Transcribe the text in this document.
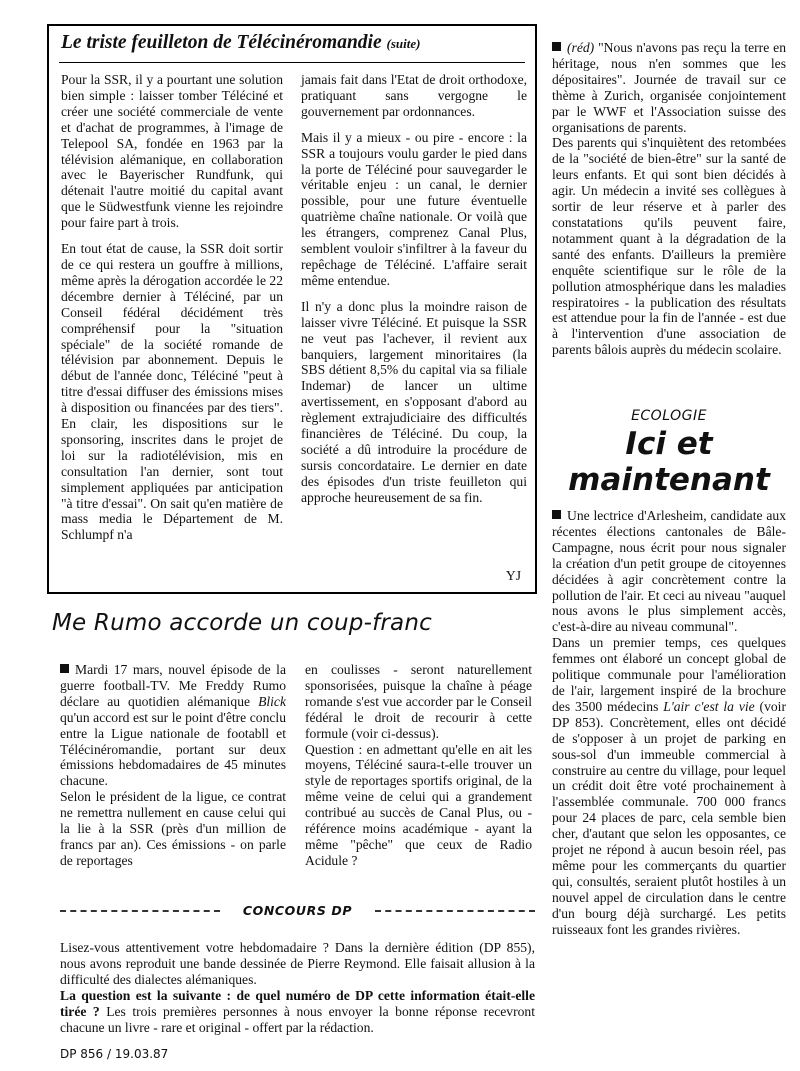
Le triste feuilleton de Télécinéromandie (suite)

Pour la SSR, il y a pourtant une solution bien simple : laisser tomber Téléciné et créer une société commerciale de vente et d'achat de programmes, à l'image de Telepool SA, fondée en 1963 par la télévision alémanique, en collaboration avec le Bayerischer Rundfunk, qui détenait l'autre moitié du capital avant que le Südwestfunk vienne les rejoindre pour faire part à trois.

En tout état de cause, la SSR doit sortir de ce qui restera un gouffre à millions, même après la dérogation accordée le 22 décembre dernier à Téléciné, par un Conseil fédéral décidément très compréhensif pour la "situation spéciale" de la société romande de télévision par abonnement. Depuis le début de l'année donc, Téléciné "peut à titre d'essai diffuser des émissions mises à disposition ou financées par des tiers". En clair, les dispositions sur le sponsoring, inscrites dans le projet de loi sur la radiotélévision, mis en consultation l'an dernier, sont tout simplement appliquées par anticipation "à titre d'essai". On sait qu'en matière de mass media le Département de M. Schlumpf n'a

jamais fait dans l'Etat de droit orthodoxe, pratiquant sans vergogne le gouvernement par ordonnances.

Mais il y a mieux - ou pire - encore : la SSR a toujours voulu garder le pied dans la porte de Téléciné pour sauvegarder le véritable enjeu : un canal, le dernier possible, pour une future éventuelle quatrième chaîne nationale. Or voilà que les étrangers, comprenez Canal Plus, semblent vouloir s'infiltrer à la faveur du repêchage de Téléciné. L'affaire serait même entendue.

Il n'y a donc plus la moindre raison de laisser vivre Téléciné. Et puisque la SSR ne veut pas l'achever, il revient aux banquiers, largement minoritaires (la SBS détient 8,5% du capital via sa filiale Indemar) de lancer un ultime avertissement, en s'opposant d'abord au règlement extrajudiciaire des difficultés financières de Téléciné. Du coup, la société a dû introduire la procédure de sursis concordataire. Le dernier en date des épisodes d'un triste feuilleton qui approche heureusement de sa fin.

YJ
Me Rumo accorde un coup-franc

Mardi 17 mars, nouvel épisode de la guerre football-TV. Me Freddy Rumo déclare au quotidien alémanique Blick qu'un accord est sur le point d'être conclu entre la Ligue nationale de footabll et Télécinéromandie, portant sur deux émissions hebdomadaires de 45 minutes chacune.

Selon le président de la ligue, ce contrat ne remettra nullement en cause celui qui la lie à la SSR (près d'un million de francs par an). Ces émissions - on parle de reportages

en coulisses - seront naturellement sponsorisées, puisque la chaîne à péage romande s'est vue accorder par le Conseil fédéral le droit de recourir à cette formule (voir ci-dessus).

Question : en admettant qu'elle en ait les moyens, Téléciné saura-t-elle trouver un style de reportages sportifs original, de la même veine de celui qui a grandement contribué au succès de Canal Plus, ou - référence moins académique - ayant la même "pêche" que ceux de Radio Acidule ?

CONCOURS DP

Lisez-vous attentivement votre hebdomadaire ? Dans la dernière édition (DP 855), nous avons reproduit une bande dessinée de Pierre Reymond. Elle faisait allusion à la difficulté des dialectes alémaniques.

La question est la suivante : de quel numéro de DP cette information était-elle tirée ? Les trois premières personnes à nous envoyer la bonne réponse recevront chacune un livre - rare et original - offert par la rédaction.

DP 856 / 19.03.87

(réd) "Nous n'avons pas reçu la terre en héritage, nous n'en sommes que les dépositaires". Journée de travail sur ce thème à Zurich, organisée conjointement par le WWF et l'Association suisse des organisations de parents.

Des parents qui s'inquiètent des retombées de la "société de bien-être" sur la santé de leurs enfants. Et qui sont bien décidés à agir. Un médecin a invité ses collègues à sortir de leur réserve et à parler des constatations qu'ils peuvent faire, notamment quant à la dégradation de la santé des enfants. D'ailleurs la première enquête scientifique sur le rôle de la pollution atmosphérique dans les maladies respiratoires - la publication des résultats est attendue pour la fin de l'année - est due à l'intervention d'une association de parents bâlois auprès du médecin scolaire.

ECOLOGIE

Ici et
maintenant

Une lectrice d'Arlesheim, candidate aux récentes élections cantonales de Bâle-Campagne, nous écrit pour nous signaler la création d'un petit groupe de citoyennes décidées à agir concrètement contre la pollution de l'air. Et ceci au niveau "auquel nous avons le plus simplement accès, c'est-à-dire au niveau communal".

Dans un premier temps, ces quelques femmes ont élaboré un concept global de politique communale pour l'amélioration de l'air, largement inspiré de la brochure des 3500 médecins L'air c'est la vie (voir DP 853). Concrètement, elles ont décidé de s'opposer à un projet de parking en sous-sol d'un immeuble commercial à construire au centre du village, pour lequel un crédit doit être voté prochainement à l'assemblée communale. 700 000 francs pour 24 places de parc, cela semble bien cher, d'autant que selon les opposantes, ce projet ne répond à aucun besoin réel, pas même pour les commerçants du quartier qui, consultés, seraient plutôt hostiles à un nouvel appel de circulation dans le centre d'un bourg déjà surchargé. Les petits ruisseaux font les grandes rivières.
